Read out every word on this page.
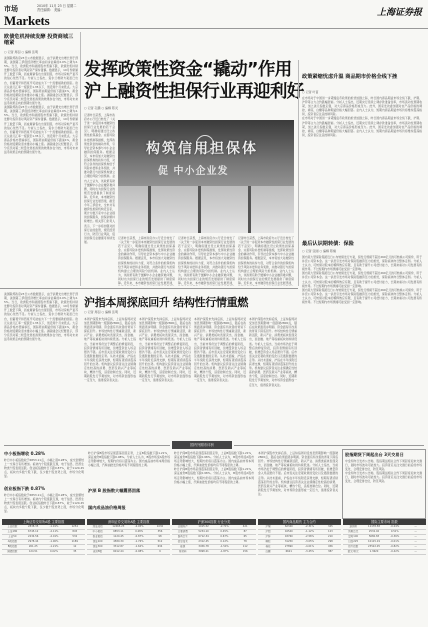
市场
Markets
2010年 11月 23 日 星期二
责任编辑： 美编：	上海证券报
欧债危机持续发酵 投资商城三缩紧
○ 记者 周羽 ○ 编辑 张明
美国联邦政府23日公布数据显示，由于消费支出增长弱于预期，美国第三季度经济增长率由初步估算的2.0%上调为2.5%。当日，欧洲股市和美国股市普遍下跌，欧债危机持续发酵令投资者对风险资产保持谨慎。数据显示，10月份新屋开工数量下降，而成屋销售也出现回落，市场对房地产复苏的信心依然不足。分析人士指出，爱尔兰救助方案虽已出台，但葡萄牙和西班牙可能成为下一个需要援助的国家。欧元兑美元汇率一度跌至1.35以下，创近两个月来低点。大宗商品价格亦普遍承压，国际原油期货价格下跌逾1%，黄金价格则受避险需求推动小幅上涨。美联储会议纪要显示，部分官员对第二轮量化宽松政策的效果存在分歧，市场对未来货币政策走向的预期出现分化。
美国联邦政府23日公布数据显示，由于消费支出增长弱于预期，美国第三季度经济增长率由初步估算的2.0%上调为2.5%。当日，欧洲股市和美国股市普遍下跌，欧债危机持续发酵令投资者对风险资产保持谨慎。数据显示，10月份新屋开工数量下降，而成屋销售也出现回落，市场对房地产复苏的信心依然不足。分析人士指出，爱尔兰救助方案虽已出台，但葡萄牙和西班牙可能成为下一个需要援助的国家。欧元兑美元汇率一度跌至1.35以下，创近两个月来低点。大宗商品价格亦普遍承压，国际原油期货价格下跌逾1%，黄金价格则受避险需求推动小幅上涨。美联储会议纪要显示，部分官员对第二轮量化宽松政策的效果存在分歧，市场对未来货币政策走向的预期出现分化。
发挥政策性资金“撬动”作用
沪上融资性担保行业再迎利好
○ 记者 孔鹏 ○ 编辑 陈灵
记者昨日获悉，上海市政府办公厅近日转发了《关于进一步促进本市融资性担保行业发展的若干意见》，明确将通过设立政策性担保基金、完善风险补偿机制等措施，发挥政策性资金的撬动作用，引导社会资本参与中小企业融资担保服务。根据意见，本市将加大对融资性担保机构的扶持力度，对符合条件的担保机构给予风险补偿和业务奖励，并推动银行与担保机构建立合理的风险分担机制。业内人士认为，该政策有助于缓解中小企业融资难问题，同时也为担保行业的规范发展提供了制度保障。近年来，本市融资性担保行业发展迅速，截至今年三季度末，全市共有融资性担保机构近百家，累计为数万家中小企业提供担保服务，担保余额持续增长。相关部门负责人表示，下一步将加强对担保行业的监管，规范经营行为，防范行业风险，促进担保行业健康可持续发展。
构筑信用担保体
促 中小企业发
记者昨日获悉，上海市政府办公厅近日转发了《关于进一步促进本市融资性担保行业发展的若干意见》，明确将通过设立政策性担保基金、完善风险补偿机制等措施，发挥政策性资金的撬动作用，引导社会资本参与中小企业融资担保服务。根据意见，本市将加大对融资性担保机构的扶持力度，对符合条件的担保机构给予风险补偿和业务奖励，并推动银行与担保机构建立合理的风险分担机制。业内人士认为，该政策有助于缓解中小企业融资难问题，同时也为担保行业的规范发展提供了制度保障。近年来，本市融资性担保行业发展迅速，
记者昨日获悉，上海市政府办公厅近日转发了《关于进一步促进本市融资性担保行业发展的若干意见》，明确将通过设立政策性担保基金、完善风险补偿机制等措施，发挥政策性资金的撬动作用，引导社会资本参与中小企业融资担保服务。根据意见，本市将加大对融资性担保机构的扶持力度，对符合条件的担保机构给予风险补偿和业务奖励，并推动银行与担保机构建立合理的风险分担机制。业内人士认为，该政策有助于缓解中小企业融资难问题，同时也为担保行业的规范发展提供了制度保障。近年来，本市融资性担保行业发展迅速，
记者昨日获悉，上海市政府办公厅近日转发了《关于进一步促进本市融资性担保行业发展的若干意见》，明确将通过设立政策性担保基金、完善风险补偿机制等措施，发挥政策性资金的撬动作用，引导社会资本参与中小企业融资担保服务。根据意见，本市将加大对融资性担保机构的扶持力度，对符合条件的担保机构给予风险补偿和业务奖励，并推动银行与担保机构建立合理的风险分担机制。业内人士认为，该政策有助于缓解中小企业融资难问题，同时也为担保行业的规范发展提供了制度保障。近年来，本市融资性担保行业发展迅速，
政策紧缩忧虑升温 商品期市价格全线下挫
○ 记者 叶苗
在市场对于中国进一步紧缩货币政策的担忧加剧之际，昨日国内商品期货市场全线下跌，沪铜、沪锌等主力合约跌幅居前。分析人士指出，近期央行连续上调存款准备金率，市场流动性预期收紧，加之美元指数走强，对大宗商品价格形成压力。此外，国家发改委加强对农产品价格的调控，棉花、白糖等品种期货价格大幅回落。业内人士认为，短期内商品期货市场仍将维持震荡格局，投资者应注意控制风险。
在市场对于中国进一步紧缩货币政策的担忧加剧之际，昨日国内商品期货市场全线下跌，沪铜、沪锌等主力合约跌幅居前。分析人士指出，近期央行连续上调存款准备金率，市场流动性预期收紧，加之美元指数走强，对大宗商品价格形成压力。此外，国家发改委加强对农产品价格的调控，棉花、白糖等品种期货价格大幅回落。业内人士认为，短期内商品期货市场仍将维持震荡格局，投资者应注意控制风险。
最后认识期转债：保险
○ 记者 张刚 ○ 编辑 陈楠
国内某大型保险集团近日公布转债发行方案，拟发行规模不超过260亿元的可转换公司债券，用于补充公司资本金。这一消息引发市场对保险股融资压力的担忧，保险板块昨日整体走弱。分析人士认为，可转债对股本的稀释效应有限，且有助于提升公司偿付能力，长期来看对公司发展有积极作用。不过短期内市场情绪可能受到一定影响。
国内某大型保险集团近日公布转债发行方案，拟发行规模不超过260亿元的可转换公司债券，用于补充公司资本金。这一消息引发市场对保险股融资压力的担忧，保险板块昨日整体走弱。分析人士认为，可转债对股本的稀释效应有限，且有助于提升公司偿付能力，长期来看对公司发展有积极作用。不过短期内市场情绪可能受到一定影响。
国内某大型保险集团近日公布转债发行方案，拟发行规模不超过260亿元的可转换公司债券，用于补充公司资本金。这一消息引发市场对保险股融资压力的担忧，保险板块昨日整体走弱。分析人士认为，可转债对股本的稀释效应有限，且有助于提升公司偿付能力，长期来看对公司发展有积极作用。不过短期内市场情绪可能受到一定影响。
沪指本周探底回升 结构性行情重燃
○ 记者 周羽 ○ 编辑 张明
美国联邦政府23日公布数据显示，由于消费支出增长弱于预期，美国第三季度经济增长率由初步估算的2.0%上调为2.5%。当日，欧洲股市和美国股市普遍下跌，欧债危机持续发酵令投资者对风险资产保持谨慎。数据显示，10月份新屋开工数量下降，而成屋销售也出现回落，市场对房地产复苏的信心依然不足。分析人士指出，爱尔兰救助方案虽已出台，但葡萄牙和西班牙可能成为下一个需要援助的国家。欧元兑美元汇率一度跌至1.35以下，创近两个月来低点。大宗商品价格亦普遍承压，国际原油期货价格下跌逾1%，黄金价格则受避险需求推动小幅上涨。美联储会议纪要显示，部分官员对第二轮量化宽松政策的效果存在分歧，市场对未来货币政策走向的预期出现分化。
本周沪深股市先抑后扬，上证综指周初受加息预期影响一度跌破2800点，随后在政策面逐步明朗、资金面有所改善的背景下探底回升。市场结构性行情重新活跃，新兴产业、消费类板块表现突出，而金融、地产等权重板块则持续低迷。分析人士指出，当前市场仍处于调整后的修复阶段，投资者情绪有所回暖，但增量资金入场意愿仍不强。后市需关注宏观政策的变化以及通胀数据的走势。从技术面看，沪指在半年线附近获得支撑，短期有望延续震荡回升的态势。机构建议投资者关注业绩确定性较高的消费、医药及新兴产业等板块，精选个股，适度控制仓位。同时，近期新股发行节奏加快，对市场资金面形成一定压力，值得投资者关注。
本周沪深股市先抑后扬，上证综指周初受加息预期影响一度跌破2800点，随后在政策面逐步明朗、资金面有所改善的背景下探底回升。市场结构性行情重新活跃，新兴产业、消费类板块表现突出，而金融、地产等权重板块则持续低迷。分析人士指出，当前市场仍处于调整后的修复阶段，投资者情绪有所回暖，但增量资金入场意愿仍不强。后市需关注宏观政策的变化以及通胀数据的走势。从技术面看，沪指在半年线附近获得支撑，短期有望延续震荡回升的态势。机构建议投资者关注业绩确定性较高的消费、医药及新兴产业等板块，精选个股，适度控制仓位。同时，近期新股发行节奏加快，对市场资金面形成一定压力，值得投资者关注。
本周沪深股市先抑后扬，上证综指周初受加息预期影响一度跌破2800点，随后在政策面逐步明朗、资金面有所改善的背景下探底回升。市场结构性行情重新活跃，新兴产业、消费类板块表现突出，而金融、地产等权重板块则持续低迷。分析人士指出，当前市场仍处于调整后的修复阶段，投资者情绪有所回暖，但增量资金入场意愿仍不强。后市需关注宏观政策的变化以及通胀数据的走势。从技术面看，沪指在半年线附近获得支撑，短期有望延续震荡回升的态势。机构建议投资者关注业绩确定性较高的消费、医药及新兴产业等板块，精选个股，适度控制仓位。同时，近期新股发行节奏加快，对市场资金面形成一定压力，值得投资者关注。
本周沪深股市先抑后扬，上证综指周初受加息预期影响一度跌破2800点，随后在政策面逐步明朗、资金面有所改善的背景下探底回升。市场结构性行情重新活跃，新兴产业、消费类板块表现突出，而金融、地产等权重板块则持续低迷。分析人士指出，当前市场仍处于调整后的修复阶段，投资者情绪有所回暖，但增量资金入场意愿仍不强。后市需关注宏观政策的变化以及通胀数据的走势。从技术面看，沪指在半年线附近获得支撑，短期有望延续震荡回升的态势。机构建议投资者关注业绩确定性较高的消费、医药及新兴产业等板块，精选个股，适度控制仓位。同时，近期新股发行节奏加快，对市场资金面形成一定压力，值得投资者关注。
国内外期市评析
中小板指增收 0.28%
昨日中小板指数收于6853.11点，小幅上涨0.28%，成交金额较上一交易日有所增加。板块内个股涨跌互现，电子信息、医药生物类个股表现活跃。创业板指数昨日下跌0.87%，收于1120.45点，板块内多数个股下跌，仅少数个股逆势上涨，市场分化明显。
创业板指下跌 0.87%
昨日中小板指数收于6853.11点，小幅上涨0.28%，成交金额较上一交易日有所增加。板块内个股涨跌互现，电子信息、医药生物类个股表现活跃。创业板指数昨日下跌0.87%，收于1120.45点，板块内多数个股下跌，仅少数个股逆势上涨，市场分化明显。
昨日沪深B股市场呈现震荡回落走势，上证B股指数下跌1.21%，深证成份B股指数下跌0.98%。分析人士认为，B股市场受A股市场走势影响较大，短期内仍将以震荡为主。国内成品油市场本周价格小幅上涨，汽柴油批发价格均有不同程度的上调。
沪深 B 股指数大幅震荡回落
国内成品油价格周报
昨日沪深B股市场呈现震荡回落走势，上证B股指数下跌1.21%，深证成份B股指数下跌0.98%。分析人士认为，B股市场受A股市场走势影响较大，短期内仍将以震荡为主。国内成品油市场本周价格小幅上涨，汽柴油批发价格均有不同程度的上调。
昨日沪深B股市场呈现震荡回落走势，上证B股指数下跌1.21%，深证成份B股指数下跌0.98%。分析人士认为，B股市场受A股市场走势影响较大，短期内仍将以震荡为主。国内成品油市场本周价格小幅上涨，汽柴油批发价格均有不同程度的上调。
本周沪深股市先抑后扬，上证综指周初受加息预期影响一度跌破2800点，随后在政策面逐步明朗、资金面有所改善的背景下探底回升。市场结构性行情重新活跃，新兴产业、消费类板块表现突出，而金融、地产等权重板块则持续低迷。分析人士指出，当前市场仍处于调整后的修复阶段，投资者情绪有所回暖，但增量资金入场意愿仍不强。后市需关注宏观政策的变化以及通胀数据的走势。从技术面看，沪指在半年线附近获得支撑，短期有望延续震荡回升的态势。机构建议投资者关注业绩确定性较高的消费、医药及新兴产业等板块，精选个股，适度控制仓位。同时，近期新股发行节奏加快，对市场资金面形成一定压力，值得投资者关注。
股指期货下周起出台 3天交易日
中金所昨日发布公告称，股指期货相关合约下周起将迎来交割日，届时市场波动可能加大。投资者应关注交割日前后的市场变化，合理安排仓位，防范风险。
中金所昨日发布公告称，股指期货相关合约下周起将迎来交割日，届时市场波动可能加大。投资者应关注交割日前后的市场变化，合理安排仓位，防范风险。
上海证券交易所A股 主要指数
上证指数	2838.35	-1.91%	1254
上证180	6745.12	-2.11%	845
上证50	2234.56	-2.01%	532
A股指数	2978.44	-1.90%	1189
B股指数	261.25	-1.21%	12
国债指数	124.51	0.02%	35
深圳证券交易所A股 主要指数
深证成指	12465.23	-2.05%	1032
中小板指	6853.11	0.28%	356
创业板指	1120.45	-0.87%	98
深证100	4589.30	-1.76%	512
深证300	3312.87	-1.62%	634
成份B指	6012.44	-0.98%	9
沪深300指数 行业分类
金融地产	1015.52	-2.71%	421
主要消费	5234.10	0.45%	87
医药卫生	6712.34	0.67%	65
信息技术	2312.45	0.12%	78
能源	3456.78	-1.54%	112
原材料	3998.21	-1.87%	156
国内商品期货 主力合约
沪铜	62340	-2.31%	345
沪铝	16540	-1.12%	123
沪锌	18760	-2.56%	210
橡胶	31250	-3.05%	298
棉花	27890	-4.01%	456
白糖	6621	-3.45%	387
国际主要市场 指数
道琼斯	11178.58	-0.24%	—
纳斯达克	2532.02	0.51%	—
富时100	5680.83	-0.36%	—
日经225	10115.19	-0.01%	—
恒生指数	23522.05	-0.82%	—
欧元/美元	1.3620	-0.42%	—
